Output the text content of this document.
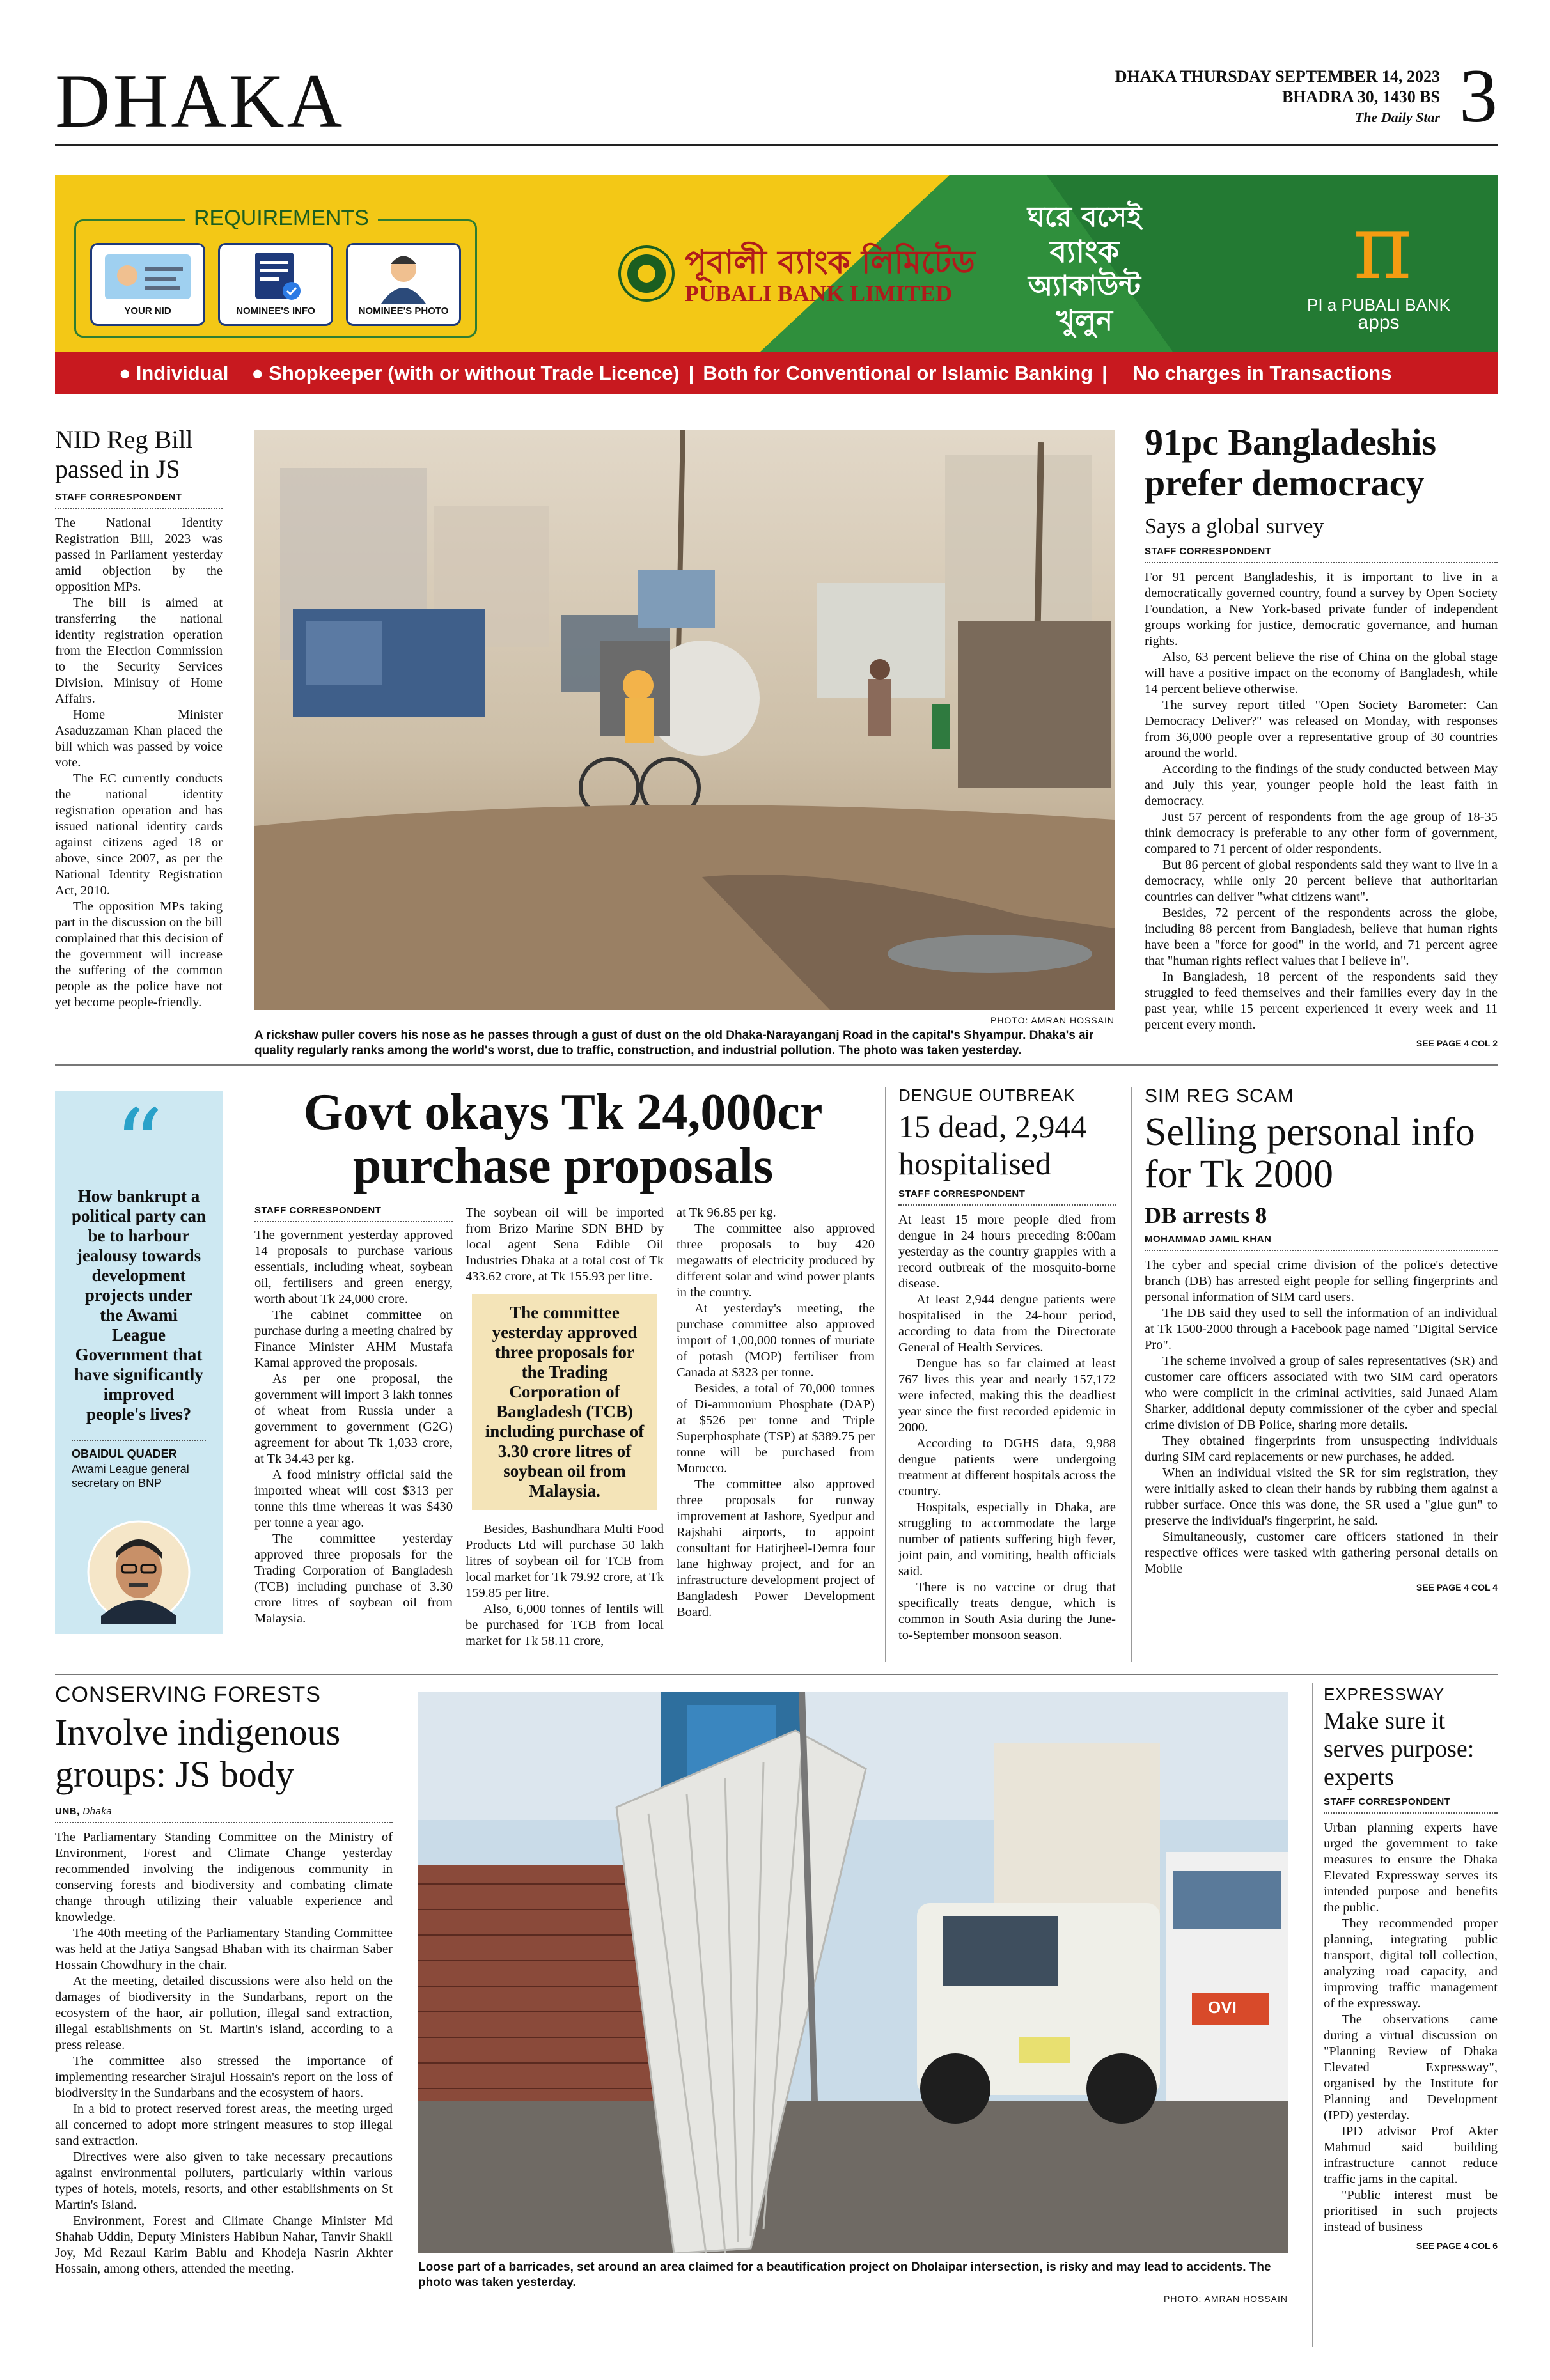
DHAKA	DHAKA THURSDAY SEPTEMBER 14, 2023
BHADRA 30, 1430 BS
The Daily Star 3
REQUIREMENTS
YOUR NID	NOMINEE'S INFO	NOMINEE'S PHOTO
পূবালী ব্যাংক লিমিটেড
PUBALI BANK LIMITED
ঘরে বসেই
ব্যাংক
অ্যাকাউন্ট
খুলুন
π
PI a PUBALI BANK
apps
● Individual ● Shopkeeper (with or without Trade Licence) | Both for Conventional or Islamic Banking | No charges in Transactions
NID Reg Bill passed in JS
STAFF CORRESPONDENT

The National Identity Registration Bill, 2023 was passed in Parliament yesterday amid objection by the opposition MPs.

The bill is aimed at transferring the national identity registration operation from the Election Commission to the Security Services Division, Ministry of Home Affairs.

Home Minister Asaduzzaman Khan placed the bill which was passed by voice vote.

The EC currently conducts the national identity registration operation and has issued national identity cards against citizens aged 18 or above, since 2007, as per the National Identity Registration Act, 2010.

The opposition MPs taking part in the discussion on the bill complained that this decision of the government will increase the suffering of the common people as the police have not yet become people-friendly.

PHOTO: AMRAN HOSSAIN
A rickshaw puller covers his nose as he passes through a gust of dust on the old Dhaka-Narayanganj Road in the capital's Shyampur. Dhaka's air quality regularly ranks among the world's worst, due to traffic, construction, and industrial pollution. The photo was taken yesterday.
91pc Bangladeshis prefer democracy
Says a global survey
STAFF CORRESPONDENT

For 91 percent Bangladeshis, it is important to live in a democratically governed country, found a survey by Open Society Foundation, a New York-based private funder of independent groups working for justice, democratic governance, and human rights.

Also, 63 percent believe the rise of China on the global stage will have a positive impact on the economy of Bangladesh, while 14 percent believe otherwise.

The survey report titled "Open Society Barometer: Can Democracy Deliver?" was released on Monday, with responses from 36,000 people over a representative group of 30 countries around the world.

According to the findings of the study conducted between May and July this year, younger people hold the least faith in democracy.

Just 57 percent of respondents from the age group of 18-35 think democracy is preferable to any other form of government, compared to 71 percent of older respondents.

But 86 percent of global respondents said they want to live in a democracy, while only 20 percent believe that authoritarian countries can deliver "what citizens want".

Besides, 72 percent of the respondents across the globe, including 88 percent from Bangladesh, believe that human rights have been a "force for good" in the world, and 71 percent agree that "human rights reflect values that I believe in".

In Bangladesh, 18 percent of the respondents said they struggled to feed themselves and their families every day in the past year, while 15 percent experienced it every week and 11 percent every month.

SEE PAGE 4 COL 2
“
How bankrupt a political party can be to harbour jealousy towards development projects under the Awami League Government that have significantly improved people's lives?
OBAIDUL QUADER
Awami League general secretary on BNP
Govt okays Tk 24,000cr purchase proposals
STAFF CORRESPONDENT

The government yesterday approved 14 proposals to purchase various essentials, including wheat, soybean oil, fertilisers and green energy, worth about Tk 24,000 crore.

The cabinet committee on purchase during a meeting chaired by Finance Minister AHM Mustafa Kamal approved the proposals.

As per one proposal, the government will import 3 lakh tonnes of wheat from Russia under a government to government (G2G) agreement for about Tk 1,033 crore, at Tk 34.43 per kg.

A food ministry official said the imported wheat will cost $313 per tonne this time whereas it was $430 per tonne a year ago.

The committee yesterday approved three proposals for the Trading Corporation of Bangladesh (TCB) including purchase of 3.30 crore litres of soybean oil from Malaysia.

The soybean oil will be imported from Brizo Marine SDN BHD by local agent Sena Edible Oil Industries Dhaka at a total cost of Tk 433.62 crore, at Tk 155.93 per litre.

The committee yesterday approved three proposals for the Trading Corporation of Bangladesh (TCB) including purchase of 3.30 crore litres of soybean oil from Malaysia.

Besides, Bashundhara Multi Food Products Ltd will purchase 50 lakh litres of soybean oil for TCB from local market for Tk 79.92 crore, at Tk 159.85 per litre.

Also, 6,000 tonnes of lentils will be purchased for TCB from local market for Tk 58.11 crore,

at Tk 96.85 per kg.

The committee also approved three proposals to buy 420 megawatts of electricity produced by different solar and wind power plants in the country.

At yesterday's meeting, the purchase committee also approved import of 1,00,000 tonnes of muriate of potash (MOP) fertiliser from Canada at $323 per tonne.

Besides, a total of 70,000 tonnes of Di-ammonium Phosphate (DAP) at $526 per tonne and Triple Superphosphate (TSP) at $389.75 per tonne will be purchased from Morocco.

The committee also approved three proposals for runway improvement at Jashore, Syedpur and Rajshahi airports, to appoint consultant for Hatirjheel-Demra four lane highway project, and for an infrastructure development project of Bangladesh Power Development Board.

DENGUE OUTBREAK
15 dead, 2,944 hospitalised
STAFF CORRESPONDENT

At least 15 more people died from dengue in 24 hours preceding 8:00am yesterday as the country grapples with a record outbreak of the mosquito-borne disease.

At least 2,944 dengue patients were hospitalised in the 24-hour period, according to data from the Directorate General of Health Services.

Dengue has so far claimed at least 767 lives this year and nearly 157,172 were infected, making this the deadliest year since the first recorded epidemic in 2000.

According to DGHS data, 9,988 dengue patients were undergoing treatment at different hospitals across the country.

Hospitals, especially in Dhaka, are struggling to accommodate the large number of patients suffering high fever, joint pain, and vomiting, health officials said.

There is no vaccine or drug that specifically treats dengue, which is common in South Asia during the June-to-September monsoon season.

SIM REG SCAM
Selling personal info for Tk 2000
DB arrests 8
MOHAMMAD JAMIL KHAN

The cyber and special crime division of the police's detective branch (DB) has arrested eight people for selling fingerprints and personal information of SIM card users.

The DB said they used to sell the information of an individual at Tk 1500-2000 through a Facebook page named "Digital Service Pro".

The scheme involved a group of sales representatives (SR) and customer care officers associated with two SIM card operators who were complicit in the criminal activities, said Junaed Alam Sharker, additional deputy commissioner of the cyber and special crime division of DB Police, sharing more details.

They obtained fingerprints from unsuspecting individuals during SIM card replacements or new purchases, he added.

When an individual visited the SR for sim registration, they were initially asked to clean their hands by rubbing them against a rubber surface. Once this was done, the SR used a "glue gun" to preserve the individual's fingerprint, he said.

Simultaneously, customer care officers stationed in their respective offices were tasked with gathering personal details on Mobile

SEE PAGE 4 COL 4
CONSERVING FORESTS
Involve indigenous groups: JS body
UNB, Dhaka

The Parliamentary Standing Committee on the Ministry of Environment, Forest and Climate Change yesterday recommended involving the indigenous community in conserving forests and biodiversity and combating climate change through utilizing their valuable experience and knowledge.

The 40th meeting of the Parliamentary Standing Committee was held at the Jatiya Sangsad Bhaban with its chairman Saber Hossain Chowdhury in the chair.

At the meeting, detailed discussions were also held on the damages of biodiversity in the Sundarbans, report on the ecosystem of the haor, air pollution, illegal sand extraction, illegal establishments on St. Martin's island, according to a press release.

The committee also stressed the importance of implementing researcher Sirajul Hossain's report on the loss of biodiversity in the Sundarbans and the ecosystem of haors.

In a bid to protect reserved forest areas, the meeting urged all concerned to adopt more stringent measures to stop illegal sand extraction.

Directives were also given to take necessary precautions against environmental polluters, particularly within various types of hotels, motels, resorts, and other establishments on St Martin's Island.

Environment, Forest and Climate Change Minister Md Shahab Uddin, Deputy Ministers Habibun Nahar, Tanvir Shakil Joy, Md Rezaul Karim Bablu and Khodeja Nasrin Akhter Hossain, among others, attended the meeting.

OVI
Loose part of a barricades, set around an area claimed for a beautification project on Dholaipar intersection, is risky and may lead to accidents. The photo was taken yesterday.
PHOTO: AMRAN HOSSAIN
EXPRESSWAY
Make sure it serves purpose: experts
STAFF CORRESPONDENT

Urban planning experts have urged the government to take measures to ensure the Dhaka Elevated Expressway serves its intended purpose and benefits the public.

They recommended proper planning, integrating public transport, digital toll collection, analyzing road capacity, and improving traffic management of the expressway.

The observations came during a virtual discussion on "Planning Review of Dhaka Elevated Expressway", organised by the Institute for Planning and Development (IPD) yesterday.

IPD advisor Prof Akter Mahmud said building infrastructure cannot reduce traffic jams in the capital.

"Public interest must be prioritised in such projects instead of business

SEE PAGE 4 COL 6
